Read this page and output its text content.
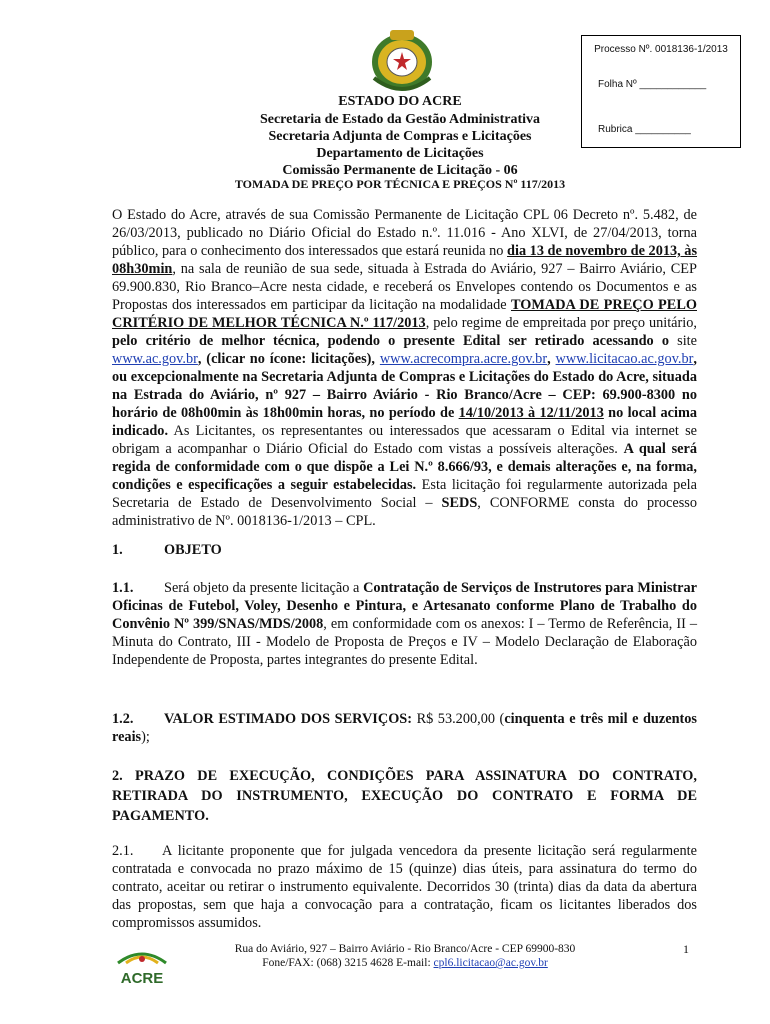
Processo Nº. 0018136-1/2013
Folha Nº ____________
Rubrica __________
ESTADO DO ACRE
Secretaria de Estado da Gestão Administrativa
Secretaria Adjunta de Compras e Licitações
Departamento de Licitações
Comissão Permanente de Licitação - 06
TOMADA DE PREÇO POR TÉCNICA E PREÇOS Nº 117/2013
O Estado do Acre, através de sua Comissão Permanente de Licitação CPL 06 Decreto nº. 5.482, de 26/03/2013, publicado no Diário Oficial do Estado n.º. 11.016 - Ano XLVI, de 27/04/2013, torna público, para o conhecimento dos interessados que estará reunida no dia 13 de novembro de 2013, às 08h30min, na sala de reunião de sua sede, situada à Estrada do Aviário, 927 – Bairro Aviário, CEP 69.900.830, Rio Branco–Acre nesta cidade, e receberá os Envelopes contendo os Documentos e as Propostas dos interessados em participar da licitação na modalidade TOMADA DE PREÇO PELO CRITÉRIO DE MELHOR TÉCNICA N.º 117/2013, pelo regime de empreitada por preço unitário, pelo critério de melhor técnica, podendo o presente Edital ser retirado acessando o site www.ac.gov.br, (clicar no ícone: licitações), www.acrecompra.acre.gov.br, www.licitacao.ac.gov.br, ou excepcionalmente na Secretaria Adjunta de Compras e Licitações do Estado do Acre, situada na Estrada do Aviário, nº 927 – Bairro Aviário - Rio Branco/Acre – CEP: 69.900-8300 no horário de 08h00min às 18h00min horas, no período de 14/10/2013 à 12/11/2013 no local acima indicado. As Licitantes, os representantes ou interessados que acessaram o Edital via internet se obrigam a acompanhar o Diário Oficial do Estado com vistas a possíveis alterações. A qual será regida de conformidade com o que dispõe a Lei N.º 8.666/93, e demais alterações e, na forma, condições e especificações a seguir estabelecidas. Esta licitação foi regularmente autorizada pela Secretaria de Estado de Desenvolvimento Social – SEDS, CONFORME consta do processo administrativo de Nº. 0018136-1/2013 – CPL.
1.	OBJETO
1.1. Será objeto da presente licitação a Contratação de Serviços de Instrutores para Ministrar Oficinas de Futebol, Voley, Desenho e Pintura, e Artesanato conforme Plano de Trabalho do Convênio Nº 399/SNAS/MDS/2008, em conformidade com os anexos: I – Termo de Referência, II – Minuta do Contrato, III - Modelo de Proposta de Preços e IV – Modelo Declaração de Elaboração Independente de Proposta, partes integrantes do presente Edital.
1.2. VALOR ESTIMADO DOS SERVIÇOS: R$ 53.200,00 (cinquenta e três mil e duzentos reais);
2. PRAZO DE EXECUÇÃO, CONDIÇÕES PARA ASSINATURA DO CONTRATO, RETIRADA DO INSTRUMENTO, EXECUÇÃO DO CONTRATO E FORMA DE PAGAMENTO.
2.1. A licitante proponente que for julgada vencedora da presente licitação será regularmente contratada e convocada no prazo máximo de 15 (quinze) dias úteis, para assinatura do termo do contrato, aceitar ou retirar o instrumento equivalente. Decorridos 30 (trinta) dias da data da abertura das propostas, sem que haja a convocação para a contratação, ficam os licitantes liberados dos compromissos assumidos.
ACRE
Rua do Aviário, 927 – Bairro Aviário - Rio Branco/Acre - CEP 69900-830
Fone/FAX: (068) 3215 4628 E-mail: cpl6.licitacao@ac.gov.br
1
